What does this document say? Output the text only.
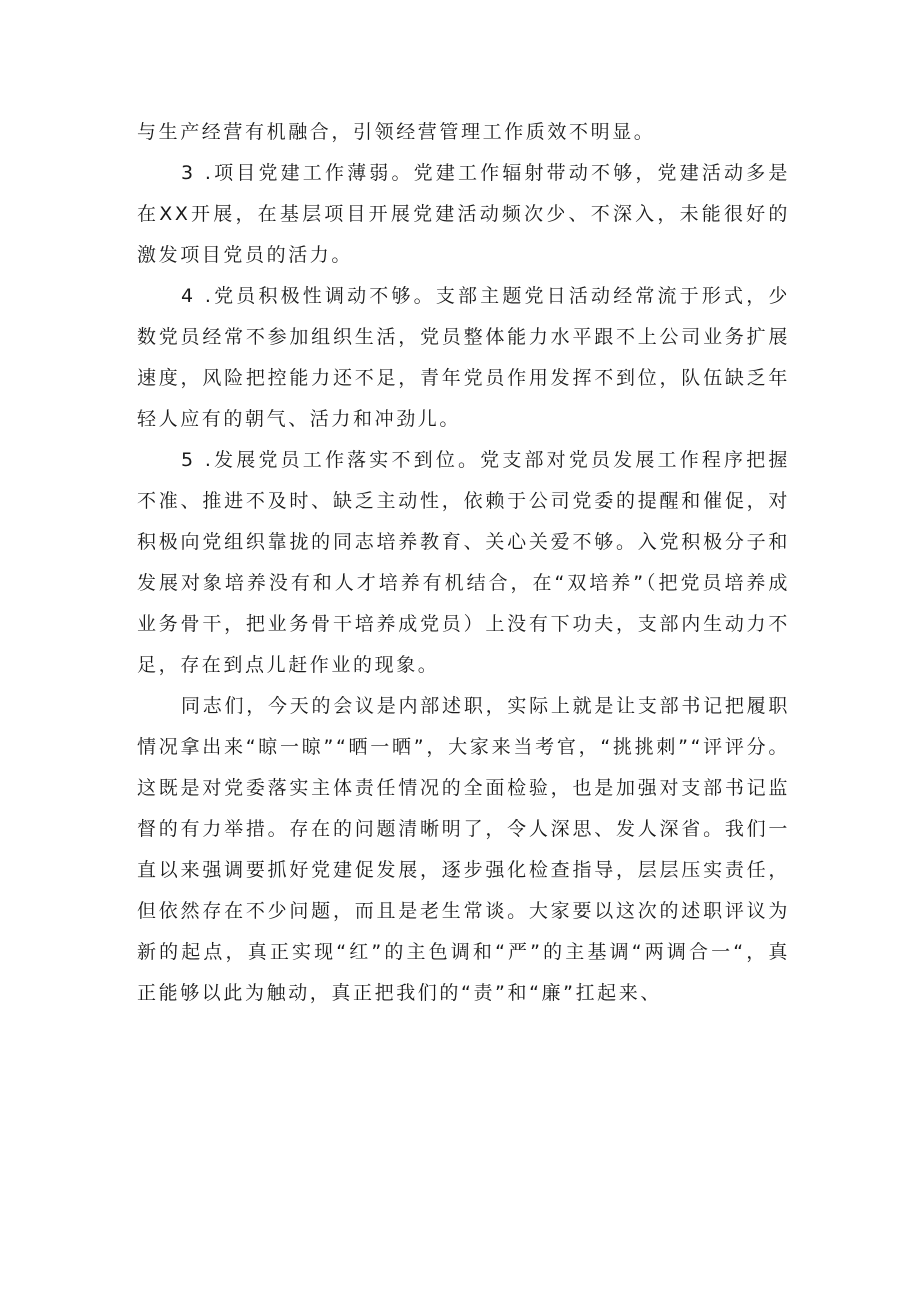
与生产经营有机融合，引领经营管理工作质效不明显。

3 .项目党建工作薄弱。党建工作辐射带动不够，党建活动多是在XX开展，在基层项目开展党建活动频次少、不深入，未能很好的激发项目党员的活力。

4 .党员积极性调动不够。支部主题党日活动经常流于形式，少数党员经常不参加组织生活，党员整体能力水平跟不上公司业务扩展速度，风险把控能力还不足，青年党员作用发挥不到位，队伍缺乏年轻人应有的朝气、活力和冲劲儿。

5 .发展党员工作落实不到位。党支部对党员发展工作程序把握不准、推进不及时、缺乏主动性，依赖于公司党委的提醒和催促，对积极向党组织靠拢的同志培养教育、关心关爱不够。入党积极分子和发展对象培养没有和人才培养有机结合，在“双培养”（把党员培养成业务骨干，把业务骨干培养成党员）上没有下功夫，支部内生动力不足，存在到点儿赶作业的现象。

同志们，今天的会议是内部述职，实际上就是让支部书记把履职情况拿出来“晾一晾”“晒一晒”，大家来当考官，“挑挑刺”“评评分。这既是对党委落实主体责任情况的全面检验，也是加强对支部书记监督的有力举措。存在的问题清晰明了，令人深思、发人深省。我们一直以来强调要抓好党建促发展，逐步强化检查指导，层层压实责任，但依然存在不少问题，而且是老生常谈。大家要以这次的述职评议为新的起点，真正实现“红”的主色调和“严”的主基调“两调合一“，真正能够以此为触动，真正把我们的“责”和“廉”扛起来、
